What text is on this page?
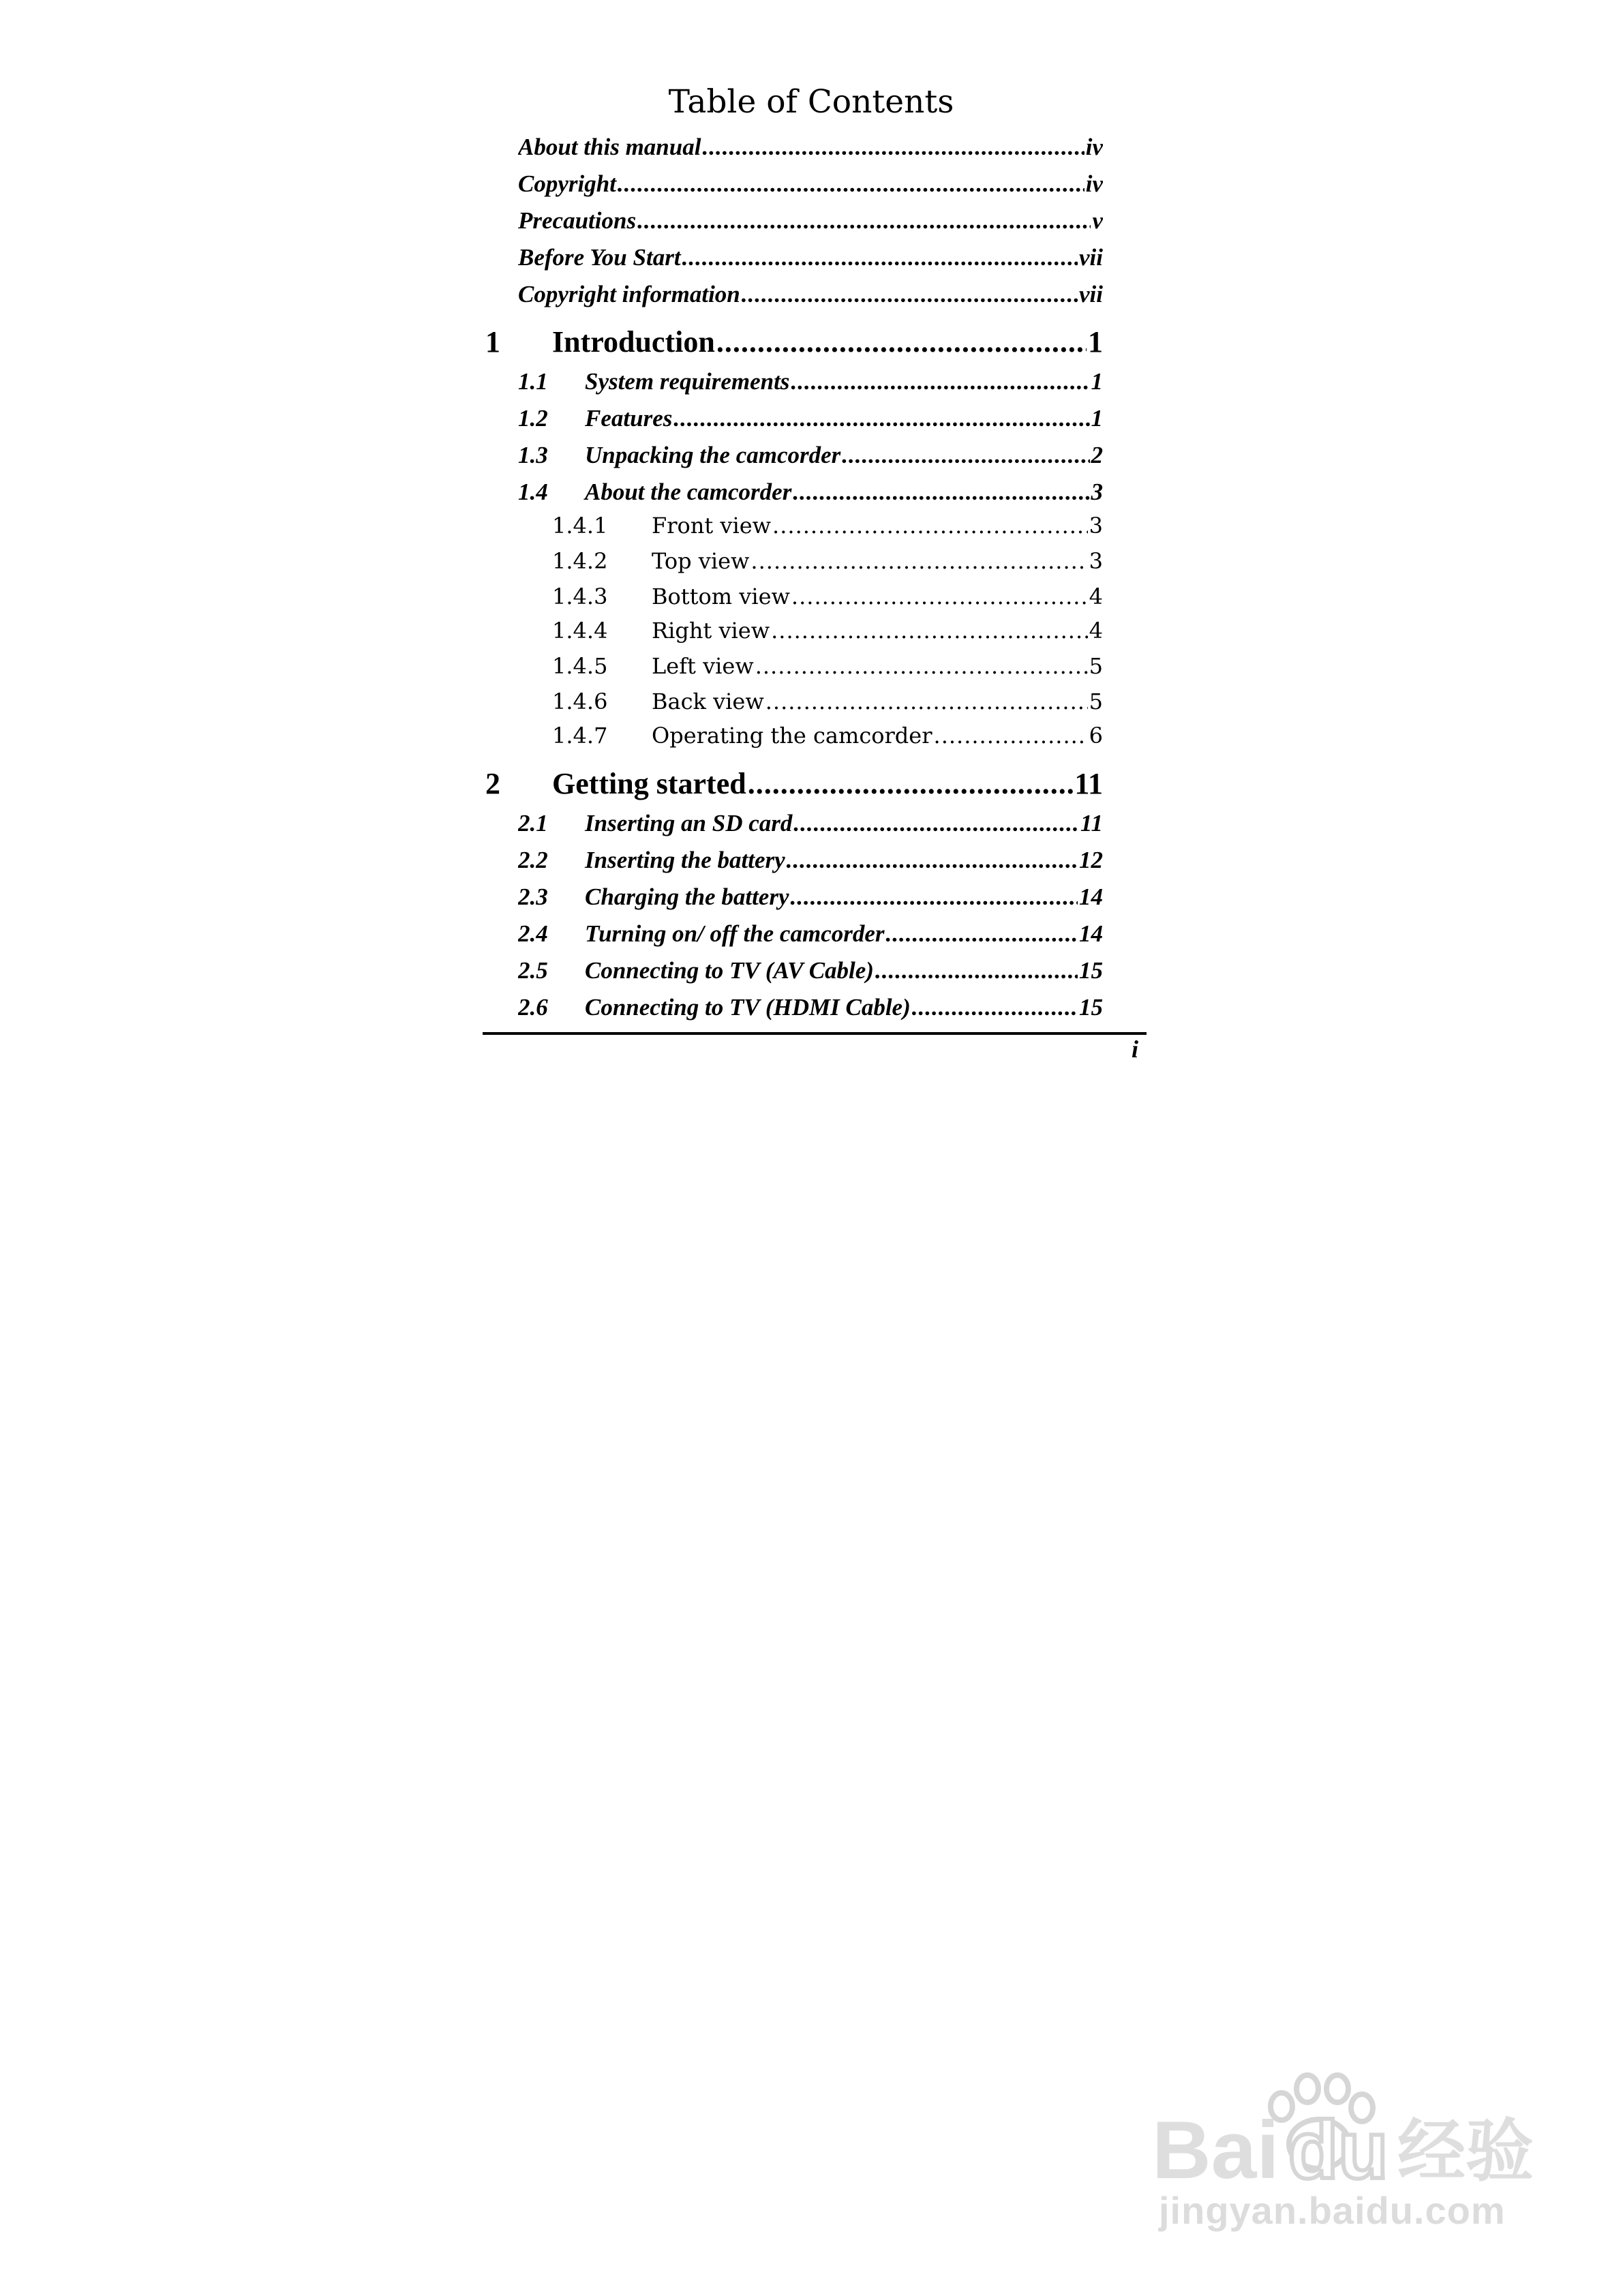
Table of Contents
About this manual .....	iv
Copyright .....	iv
Precautions .....	v
Before You Start .....	vii
Copyright information .....	vii
1	Introduction .....	1
1.1	System requirements .....	1
1.2	Features .....	1
1.3	Unpacking the camcorder .....	2
1.4	About the camcorder .....	3
1.4.1	Front view .....	3
1.4.2	Top view .....	3
1.4.3	Bottom view .....	4
1.4.4	Right view .....	4
1.4.5	Left view .....	5
1.4.6	Back view .....	5
1.4.7	Operating the camcorder .....	6
2	Getting started .....	11
2.1	Inserting an SD card .....	11
2.2	Inserting the battery .....	12
2.3	Charging the battery .....	14
2.4	Turning on/ off the camcorder .....	14
2.5	Connecting to TV (AV Cable) .....	15
2.6	Connecting to TV (HDMI Cable) .....	15
i
Bai du 经验
jingyan.baidu.com
